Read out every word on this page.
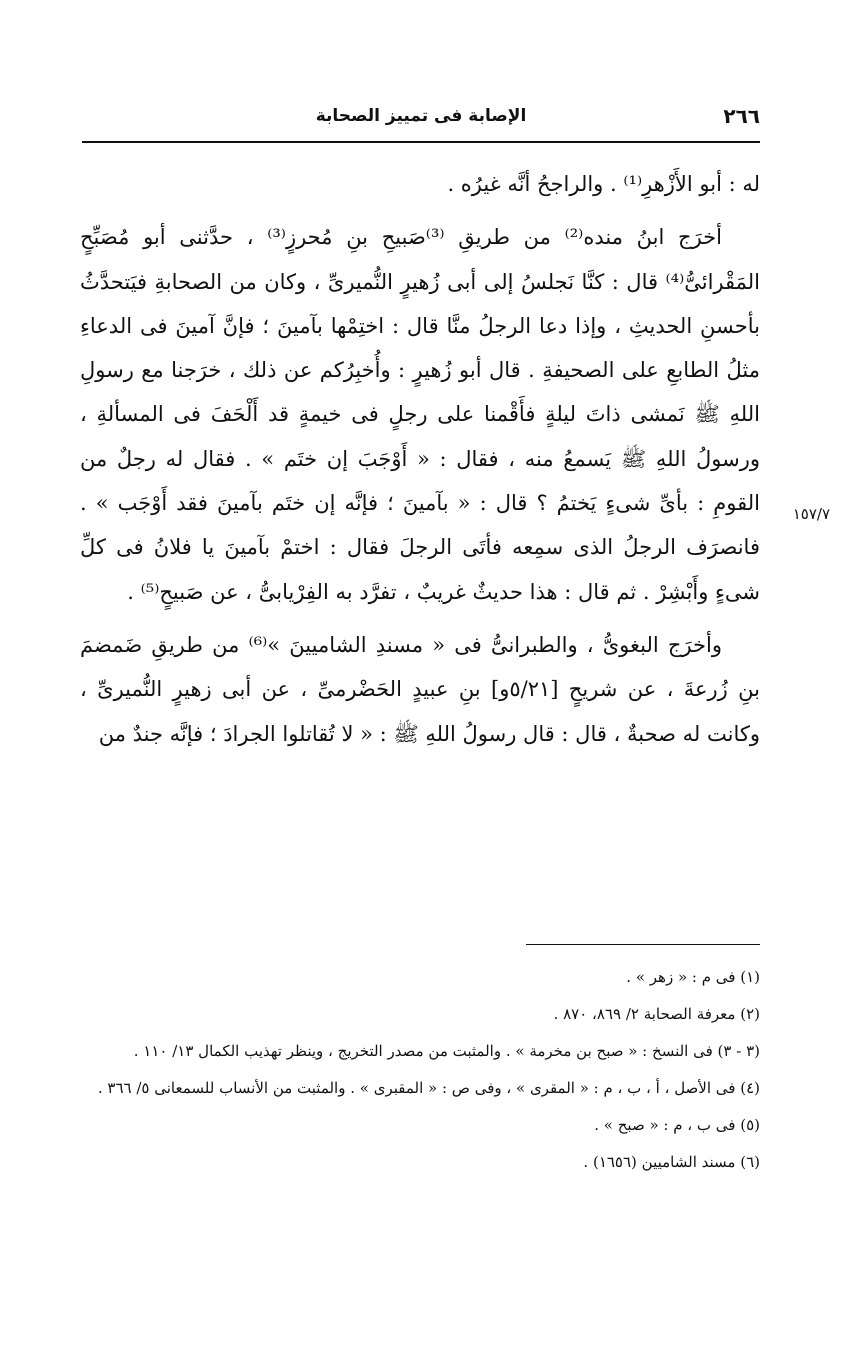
٢٦٦
الإصابة فى تمييز الصحابة

له : أبو الأَزْهرِ⁽¹⁾ . والراجحُ أنَّه غيرُه .

أخرَج ابنُ منده⁽²⁾ من طريقِ ⁽³⁾صَبيحِ بنِ مُحرزٍ⁽³⁾ ، حدَّثنى أبو مُصَبِّحٍ المَقْرائىُّ⁽⁴⁾ قال : كنَّا نَجلسُ إلى أبى زُهيرٍ النُّميرىِّ ، وكان من الصحابةِ فيَتحدَّثُ بأحسنِ الحديثِ ، وإذا دعا الرجلُ منَّا قال : اختِمْها بآمينَ ؛ فإنَّ آمينَ فى الدعاءِ مثلُ الطابعِ على الصحيفةِ . قال أبو زُهيرٍ : وأُخبِرُكم عن ذلك ، خرَجنا مع رسولِ اللهِ ﷺ نَمشى ذاتَ ليلةٍ فأَقْمنا على رجلٍ فى خيمةٍ قد أَلْحَفَ فى المسألةِ ، ورسولُ اللهِ ﷺ يَسمعُ منه ، فقال : « أَوْجَبَ إن ختَم » . فقال له رجلٌ من القومِ : بأىِّ شىءٍ يَختمُ ؟ قال : « بآمينَ ؛ فإنَّه إن ختَم بآمينَ فقد أَوْجَب » . فانصرَف الرجلُ الذى سمِعه فأتَى الرجلَ فقال : اختمْ بآمينَ يا فلانُ فى كلِّ شىءٍ وأَبْشِرْ . ثم قال : هذا حديثٌ غريبٌ ، تفرَّد به الفِرْيابىُّ ، عن صَبيحٍ⁽⁵⁾ .

وأخرَج البغوىُّ ، والطبرانىُّ فى « مسندِ الشاميينَ »⁽⁶⁾ من طريقِ ضَمضمَ بنِ زُرعةَ ، عن شريحٍ [٥/٢١و] بنِ عبيدٍ الحَضْرمىِّ ، عن أبى زهيرٍ النُّميرىِّ ، وكانت له صحبةٌ ، قال : قال رسولُ اللهِ ﷺ : « لا تُقاتلوا الجرادَ ؛ فإنَّه جندٌ من

١٥٧/٧

(١) فى م : « زهر » .

(٢) معرفة الصحابة ٢/ ٨٦٩، ٨٧٠ .

(٣ - ٣) فى النسخ : « صبح بن مخرمة » . والمثبت من مصدر التخريج ، وينظر تهذيب الكمال ١٣/ ١١٠ .

(٤) فى الأصل ، أ ، ب ، م : « المقرى » ، وفى ص : « المقبرى » . والمثبت من الأنساب للسمعانى ٥/ ٣٦٦ .

(٥) فى ب ، م : « صبح » .

(٦) مسند الشاميين (١٦٥٦) .
